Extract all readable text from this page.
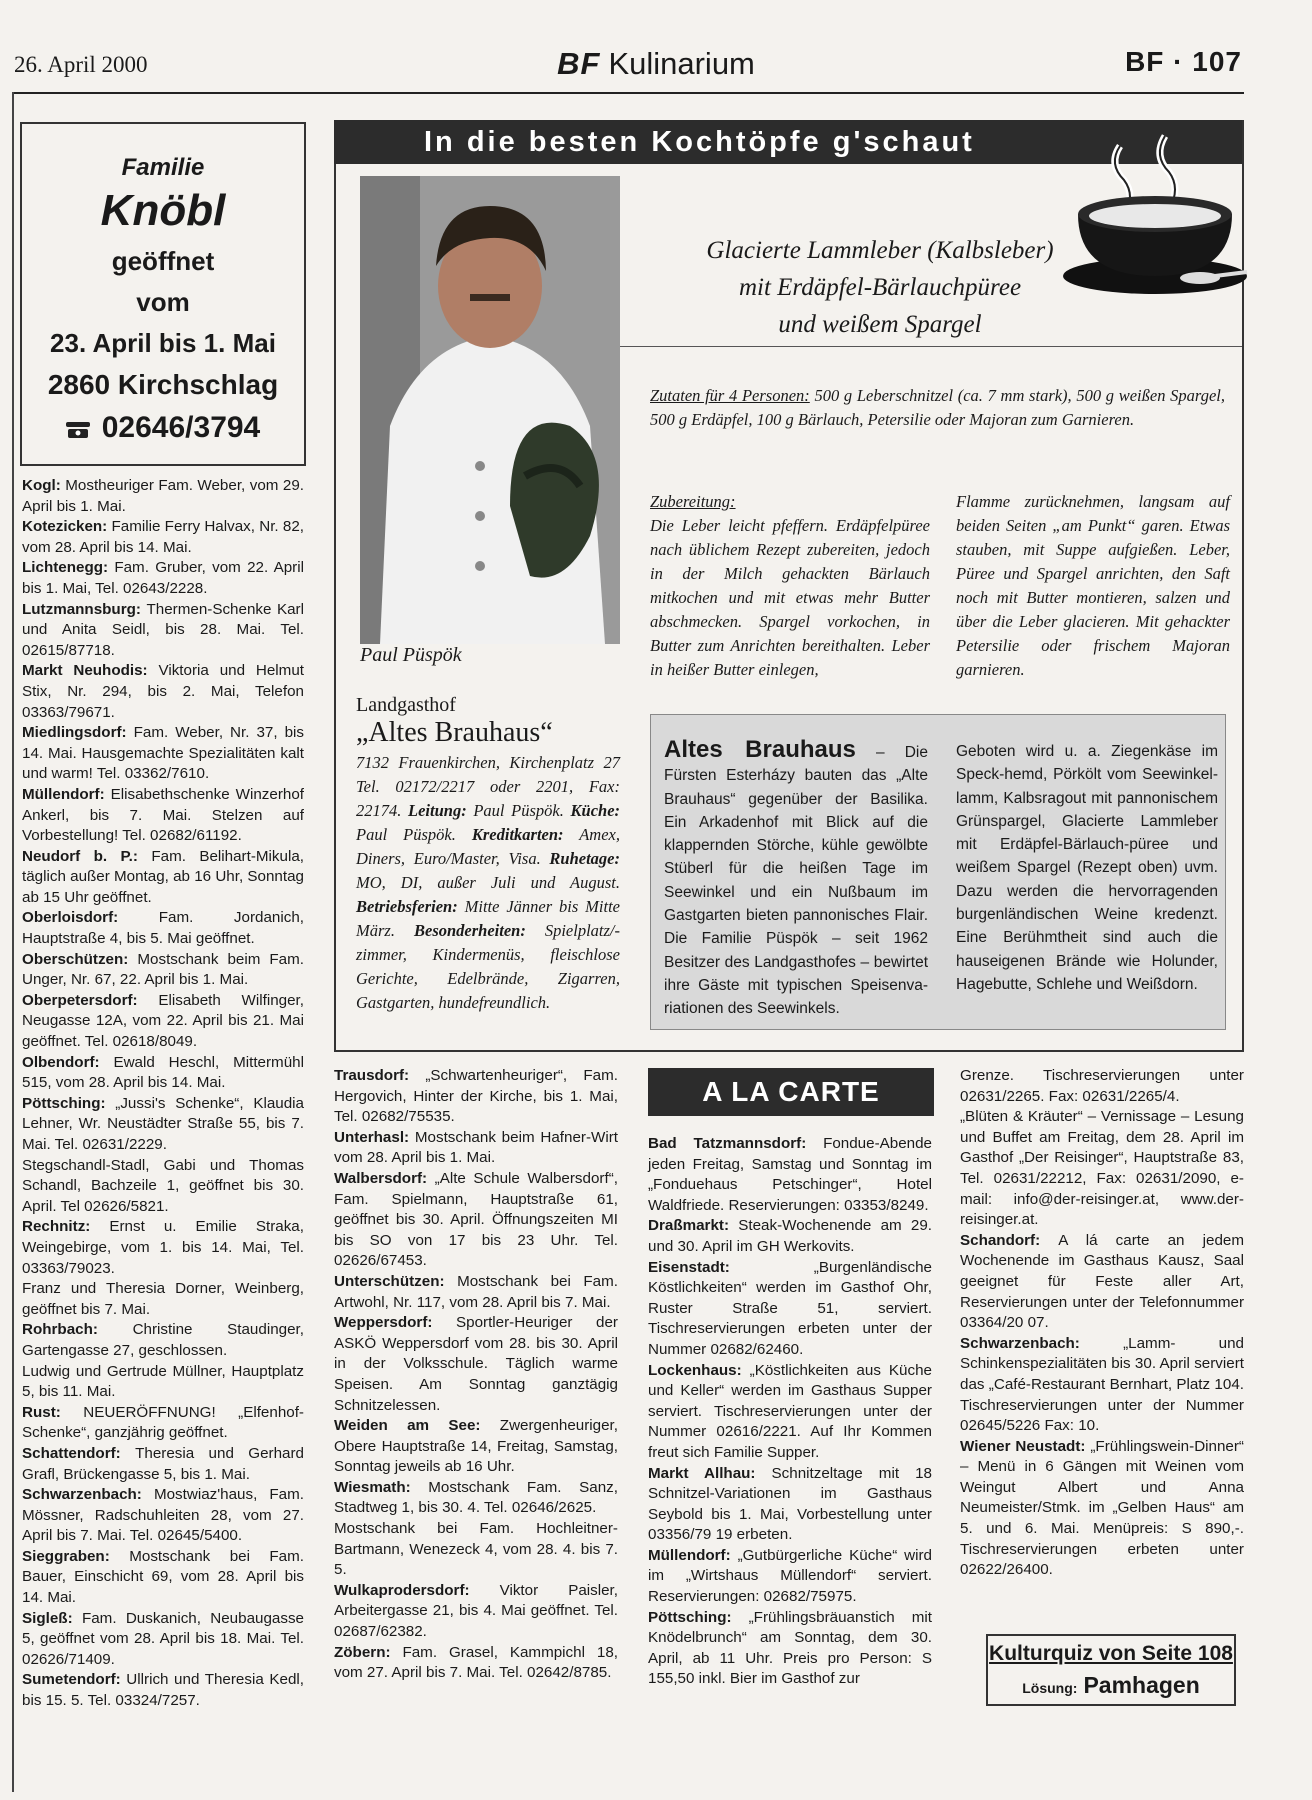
26. April 2000	BF Kulinarium	BF · 107
Familie
Knöbl
geöffnet
vom
23. April bis 1. Mai
2860 Kirchschlag
02646/3794

Kogl: Mostheuriger Fam. Weber, vom 29. April bis 1. Mai.

Kotezicken: Familie Ferry Halvax, Nr. 82, vom 28. April bis 14. Mai.

Lichtenegg: Fam. Gruber, vom 22. April bis 1. Mai, Tel. 02643/2228.

Lutzmannsburg: Thermen-Schenke Karl und Anita Seidl, bis 28. Mai. Tel. 02615/87718.

Markt Neuhodis: Viktoria und Helmut Stix, Nr. 294, bis 2. Mai, Telefon 03363/79671.

Miedlingsdorf: Fam. Weber, Nr. 37, bis 14. Mai. Hausgemachte Spezialitäten kalt und warm! Tel. 03362/7610.

Müllendorf: Elisabethschenke Winzerhof Ankerl, bis 7. Mai. Stelzen auf Vorbestellung! Tel. 02682/61192.

Neudorf b. P.: Fam. Belihart-Mikula, täglich außer Montag, ab 16 Uhr, Sonntag ab 15 Uhr geöffnet.

Oberloisdorf: Fam. Jordanich, Hauptstraße 4, bis 5. Mai geöffnet.

Oberschützen: Mostschank beim Fam. Unger, Nr. 67, 22. April bis 1. Mai.

Oberpetersdorf: Elisabeth Wilfinger, Neugasse 12A, vom 22. April bis 21. Mai geöffnet. Tel. 02618/8049.

Olbendorf: Ewald Heschl, Mittermühl 515, vom 28. April bis 14. Mai.

Pöttsching: „Jussi's Schenke“, Klaudia Lehner, Wr. Neustädter Straße 55, bis 7. Mai. Tel. 02631/2229.

Stegschandl-Stadl, Gabi und Thomas Schandl, Bachzeile 1, geöffnet bis 30. April. Tel 02626/5821.

Rechnitz: Ernst u. Emilie Straka, Weingebirge, vom 1. bis 14. Mai, Tel. 03363/79023.

Franz und Theresia Dorner, Weinberg, geöffnet bis 7. Mai.

Rohrbach: Christine Staudinger, Gartengasse 27, geschlossen.

Ludwig und Gertrude Müllner, Hauptplatz 5, bis 11. Mai.

Rust: NEUERÖFFNUNG! „Elfenhof-Schenke“, ganzjährig geöffnet.

Schattendorf: Theresia und Gerhard Grafl, Brückengasse 5, bis 1. Mai.

Schwarzenbach: Mostwiaz'haus, Fam. Mössner, Radschuhleiten 28, vom 27. April bis 7. Mai. Tel. 02645/5400.

Sieggraben: Mostschank bei Fam. Bauer, Einschicht 69, vom 28. April bis 14. Mai.

Sigleß: Fam. Duskanich, Neubaugasse 5, geöffnet vom 28. April bis 18. Mai. Tel. 02626/71409.

Sumetendorf: Ullrich und Theresia Kedl, bis 15. 5. Tel. 03324/7257.

In die besten Kochtöpfe g'schaut
Paul Püspök
Glacierte Lammleber (Kalbsleber)
mit Erdäpfel-Bärlauchpüree
und weißem Spargel
Zutaten für 4 Personen: 500 g Leberschnitzel (ca. 7 mm stark), 500 g weißen Spargel, 500 g Erdäpfel, 100 g Bärlauch, Petersilie oder Majoran zum Garnieren.
Zubereitung:
Die Leber leicht pfeffern. Erdäpfelpüree nach üblichem Rezept zubereiten, jedoch in der Milch gehackten Bärlauch mitkochen und mit etwas mehr Butter abschmecken. Spargel vorkochen, in Butter zum Anrichten bereithalten. Leber in heißer Butter einlegen,
Flamme zurücknehmen, langsam auf beiden Seiten „am Punkt“ garen. Etwas stauben, mit Suppe aufgießen. Leber, Püree und Spargel anrichten, den Saft noch mit Butter montieren, salzen und über die Leber glacieren. Mit gehackter Petersilie oder frischem Majoran garnieren.
Landgasthof
„Altes Brauhaus“
7132 Frauenkirchen, Kirchenplatz 27 Tel. 02172/2217 oder 2201, Fax: 22174. Leitung: Paul Püspök. Küche: Paul Püspök. Kreditkarten: Amex, Diners, Euro/Master, Visa. Ruhetage: MO, DI, außer Juli und August. Betriebsferien: Mitte Jänner bis Mitte März. Besonderheiten: Spielplatz/-zimmer, Kindermenüs, fleischlose Gerichte, Edelbrände, Zigarren, Gastgarten, hundefreundlich.
Altes Brauhaus – Die Fürsten Esterházy bauten das „Alte Brauhaus“ gegenüber der Basilika. Ein Arkadenhof mit Blick auf die klappernden Störche, kühle gewölbte Stüberl für die heißen Tage im Seewinkel und ein Nußbaum im Gastgarten bieten pannonisches Flair. Die Familie Püspök – seit 1962 Besitzer des Landgasthofes – bewirtet ihre Gäste mit typischen Speisenva-riationen des Seewinkels.
Geboten wird u. a. Ziegenkäse im Speck-hemd, Pörkölt vom Seewinkel-lamm, Kalbsragout mit pannonischem Grünspargel, Glacierte Lammleber mit Erdäpfel-Bärlauch-püree und weißem Spargel (Rezept oben) uvm. Dazu werden die hervorragenden burgenländischen Weine kredenzt. Eine Berühmtheit sind auch die hauseigenen Brände wie Holunder, Hagebutte, Schlehe und Weißdorn.

Trausdorf: „Schwartenheuriger“, Fam. Hergovich, Hinter der Kirche, bis 1. Mai, Tel. 02682/75535.

Unterhasl: Mostschank beim Hafner-Wirt vom 28. April bis 1. Mai.

Walbersdorf: „Alte Schule Walbersdorf“, Fam. Spielmann, Hauptstraße 61, geöffnet bis 30. April. Öffnungszeiten MI bis SO von 17 bis 23 Uhr. Tel. 02626/67453.

Unterschützen: Mostschank bei Fam. Artwohl, Nr. 117, vom 28. April bis 7. Mai.

Weppersdorf: Sportler-Heuriger der ASKÖ Weppersdorf vom 28. bis 30. April in der Volksschule. Täglich warme Speisen. Am Sonntag ganztägig Schnitzelessen.

Weiden am See: Zwergenheuriger, Obere Hauptstraße 14, Freitag, Samstag, Sonntag jeweils ab 16 Uhr.

Wiesmath: Mostschank Fam. Sanz, Stadtweg 1, bis 30. 4. Tel. 02646/2625.

Mostschank bei Fam. Hochleitner-Bartmann, Wenezeck 4, vom 28. 4. bis 7. 5.

Wulkaprodersdorf: Viktor Paisler, Arbeitergasse 21, bis 4. Mai geöffnet. Tel. 02687/62382.

Zöbern: Fam. Grasel, Kammpichl 18, vom 27. April bis 7. Mai. Tel. 02642/8785.

A LA CARTE

Bad Tatzmannsdorf: Fondue-Abende jeden Freitag, Samstag und Sonntag im „Fonduehaus Petschinger“, Hotel Waldfriede. Reservierungen: 03353/8249.

Draßmarkt: Steak-Wochenende am 29. und 30. April im GH Werkovits.

Eisenstadt: „Burgenländische Köstlichkeiten“ werden im Gasthof Ohr, Ruster Straße 51, serviert. Tischreservierungen erbeten unter der Nummer 02682/62460.

Lockenhaus: „Köstlichkeiten aus Küche und Keller“ werden im Gasthaus Supper serviert. Tischreservierungen unter der Nummer 02616/2221. Auf Ihr Kommen freut sich Familie Supper.

Markt Allhau: Schnitzeltage mit 18 Schnitzel-Variationen im Gasthaus Seybold bis 1. Mai, Vorbestellung unter 03356/79 19 erbeten.

Müllendorf: „Gutbürgerliche Küche“ wird im „Wirtshaus Müllendorf“ serviert. Reservierungen: 02682/75975.

Pöttsching: „Frühlingsbräuanstich mit Knödelbrunch“ am Sonntag, dem 30. April, ab 11 Uhr. Preis pro Person: S 155,50 inkl. Bier im Gasthof zur

Grenze. Tischreservierungen unter 02631/2265. Fax: 02631/2265/4.

„Blüten & Kräuter“ – Vernissage – Lesung und Buffet am Freitag, dem 28. April im Gasthof „Der Reisinger“, Hauptstraße 83, Tel. 02631/22212, Fax: 02631/2090, e-mail: info@der-reisinger.at, www.der-reisinger.at.

Schandorf: A lá carte an jedem Wochenende im Gasthaus Kausz, Saal geeignet für Feste aller Art, Reservierungen unter der Telefonnummer 03364/20 07.

Schwarzenbach: „Lamm- und Schinkenspezialitäten bis 30. April serviert das „Café-Restaurant Bernhart, Platz 104. Tischreservierungen unter der Nummer 02645/5226 Fax: 10.

Wiener Neustadt: „Frühlingswein-Dinner“ – Menü in 6 Gängen mit Weinen vom Weingut Albert und Anna Neumeister/Stmk. im „Gelben Haus“ am 5. und 6. Mai. Menüpreis: S 890,-. Tischreservierungen erbeten unter 02622/26400.

Kulturquiz von Seite 108
Lösung: Pamhagen
